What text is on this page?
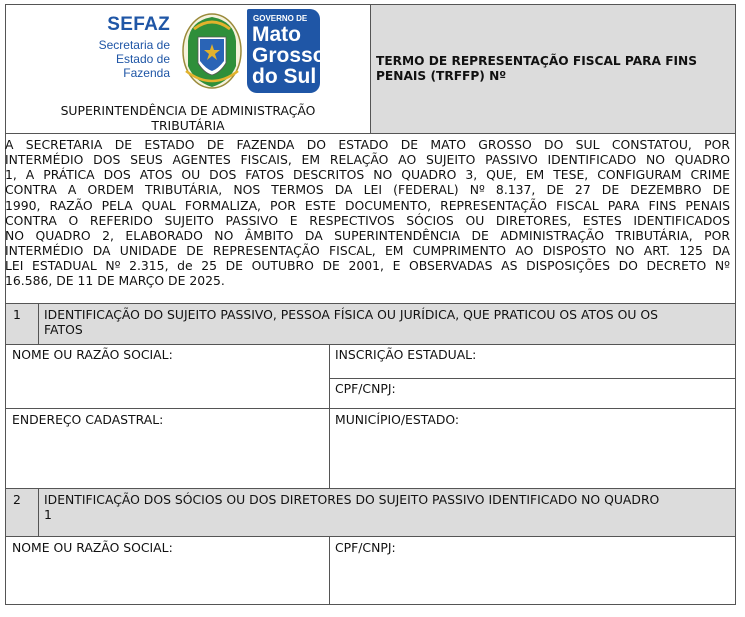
SEFAZ
Secretaria de
Estado de
Fazenda
GOVERNO DE
Mato
Grosso
do Sul
SUPERINTENDÊNCIA DE ADMINISTRAÇÃO
TRIBUTÁRIA
TERMO DE REPRESENTAÇÃO FISCAL PARA FINS
PENAIS (TRFFP) Nº
A SECRETARIA DE ESTADO DE FAZENDA DO ESTADO DE MATO GROSSO DO SUL CONSTATOU, POR
INTERMÉDIO DOS SEUS AGENTES FISCAIS, EM RELAÇÃO AO SUJEITO PASSIVO IDENTIFICADO NO QUADRO
1, A PRÁTICA DOS ATOS OU DOS FATOS DESCRITOS NO QUADRO 3, QUE, EM TESE, CONFIGURAM CRIME
CONTRA A ORDEM TRIBUTÁRIA, NOS TERMOS DA LEI (FEDERAL) Nº 8.137, DE 27 DE DEZEMBRO DE
1990, RAZÃO PELA QUAL FORMALIZA, POR ESTE DOCUMENTO, REPRESENTAÇÃO FISCAL PARA FINS PENAIS
CONTRA O REFERIDO SUJEITO PASSIVO E RESPECTIVOS SÓCIOS OU DIRETORES, ESTES IDENTIFICADOS
NO QUADRO 2, ELABORADO NO ÂMBITO DA SUPERINTENDÊNCIA DE ADMINISTRAÇÃO TRIBUTÁRIA, POR
INTERMÉDIO DA UNIDADE DE REPRESENTAÇÃO FISCAL, EM CUMPRIMENTO AO DISPOSTO NO ART. 125 DA
LEI ESTADUAL Nº 2.315, de 25 DE OUTUBRO DE 2001, E OBSERVADAS AS DISPOSIÇÕES DO DECRETO Nº
16.586, DE 11 DE MARÇO DE 2025.
1 IDENTIFICAÇÃO DO SUJEITO PASSIVO, PESSOA FÍSICA OU JURÍDICA, QUE PRATICOU OS ATOS OU OS
FATOS
NOME OU RAZÃO SOCIAL:	INSCRIÇÃO ESTADUAL:
CPF/CNPJ:
ENDEREÇO CADASTRAL:	MUNICÍPIO/ESTADO:
2 IDENTIFICAÇÃO DOS SÓCIOS OU DOS DIRETORES DO SUJEITO PASSIVO IDENTIFICADO NO QUADRO
1
NOME OU RAZÃO SOCIAL:	CPF/CNPJ:
